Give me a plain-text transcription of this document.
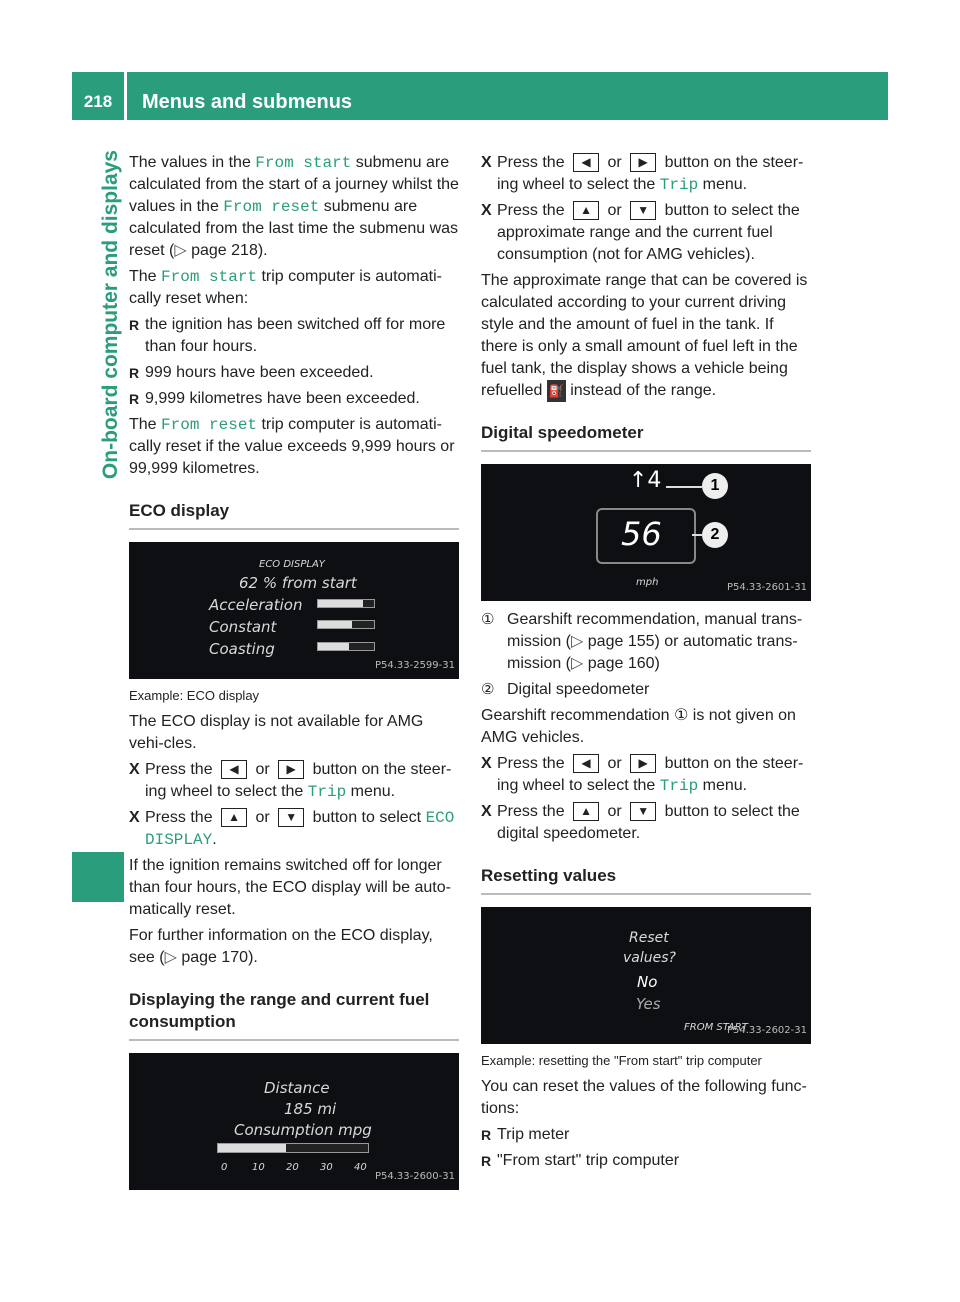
218	Menus and submenus
On-board computer and displays The values in the From start submenu are calculated from the start of a journey whilst the values in the From reset submenu are calculated from the last time the submenu was reset (▷ page 218).

The From start trip computer is automati-cally reset when:

R the ignition has been switched off for more than four hours.
R 999 hours have been exceeded.
R 9,999 kilometres have been exceeded.

The From reset trip computer is automati-cally reset if the value exceeds 9,999 hours or 99,999 kilometres.

ECO display
ECO DISPLAY
62 % from start
Acceleration
Constant
Coasting
P54.33-2599-31
Example: ECO display

The ECO display is not available for AMG vehi-cles.

X Press the ◀ or ▶ button on the steer-ing wheel to select the Trip menu.
X Press the ▲ or ▼ button to select ECO DISPLAY.

If the ignition remains switched off for longer than four hours, the ECO display will be auto-matically reset.

For further information on the ECO display, see (▷ page 170).

Displaying the range and current fuel consumption
Distance
185 mi
Consumption mpg
0 10 20 30 40
P54.33-2600-31
X Press the ◀ or ▶ button on the steer-ing wheel to select the Trip menu.
X Press the ▲ or ▼ button to select the approximate range and the current fuel consumption (not for AMG vehicles).

The approximate range that can be covered is calculated according to your current driving style and the amount of fuel in the tank. If there is only a small amount of fuel left in the fuel tank, the display shows a vehicle being refuelled ⛽ instead of the range.

Digital speedometer
↑4	1
56	2
mph	P54.33-2601-31
① Gearshift recommendation, manual trans-mission (▷ page 155) or automatic trans-mission (▷ page 160)
② Digital speedometer

Gearshift recommendation ① is not given on AMG vehicles.

X Press the ◀ or ▶ button on the steer-ing wheel to select the Trip menu.
X Press the ▲ or ▼ button to select the digital speedometer.
Resetting values
Reset
values?
No
Yes
FROM START
P54.33-2602-31
Example: resetting the "From start" trip computer

You can reset the values of the following func-tions:

R Trip meter
R "From start" trip computer
